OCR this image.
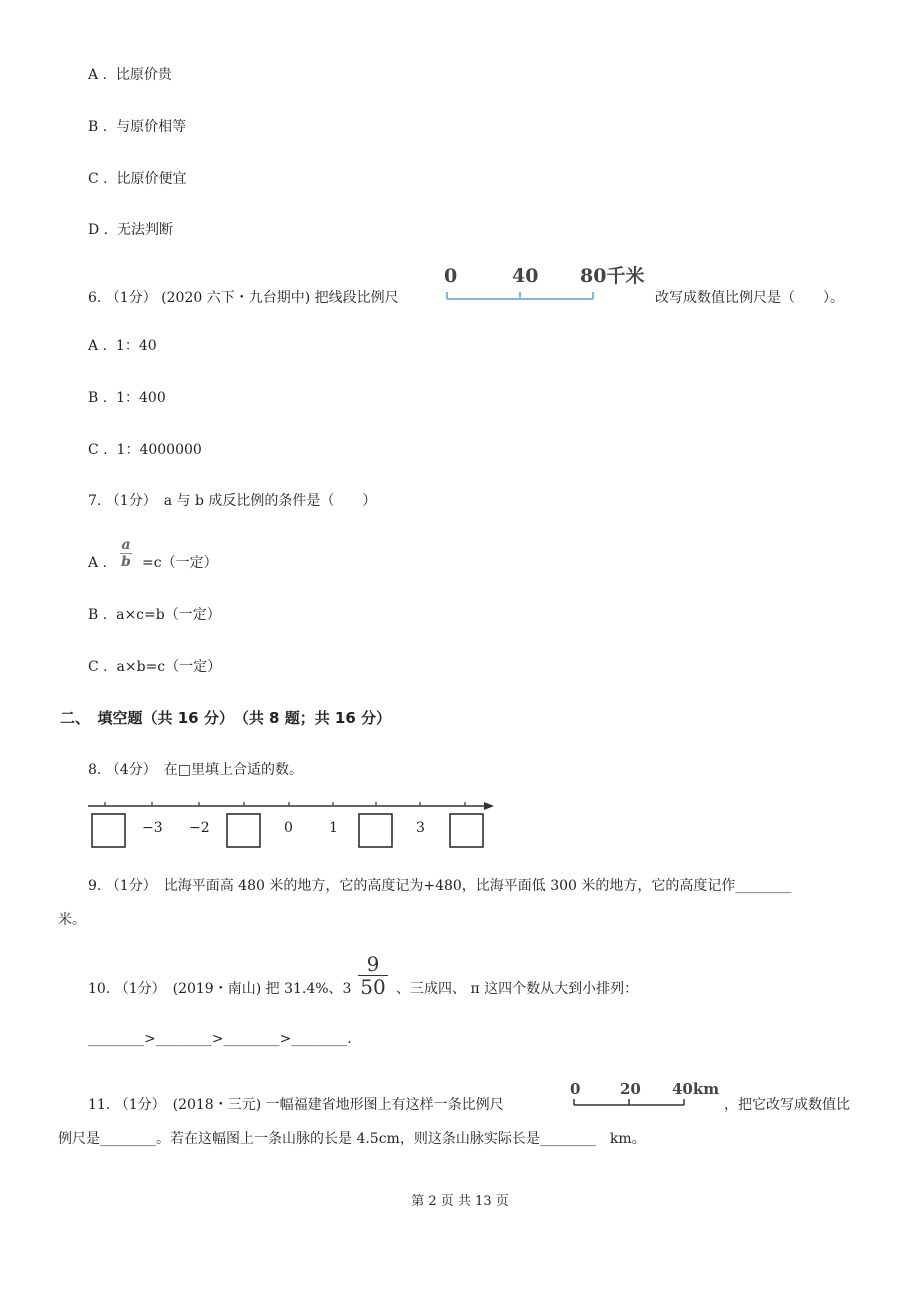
A . 比原价贵
B . 与原价相等
C . 比原价便宜
D . 无法判断
6. （1分） (2020 六下・九台期中) 把线段比例尺
0	40 80千米
改写成数值比例尺是（　　）。
A . 1：40
B . 1：400
C . 1：4000000
7. （1分）　a 与 b 成反比例的条件是（　　）
A .
a
b =c（一定）
B . a×c=b（一定）
C . a×b=c（一定）
二、　填空题（共 16 分）　（共 8 题；共 16 分）
8. （4分）　在□里填上合适的数。
−3 −2	0	1	3
9. （1分）　比海平面高 480 米的地方，它的高度记为+480，比海平面低 300 米的地方，它的高度记作________
米。
10. （1分）　(2019・南山) 把 31.4%、3
9
50 、三成四、 π 这四个数从大到小排列：
________>________>________>________.
11. （1分）　(2018・三元) 一幅福建省地形图上有这样一条比例尺
0	20 40km
，把它改写成数值比
例尺是________。若在这幅图上一条山脉的长是 4.5cm，则这条山脉实际长是________　km。
第 2 页 共 13 页
